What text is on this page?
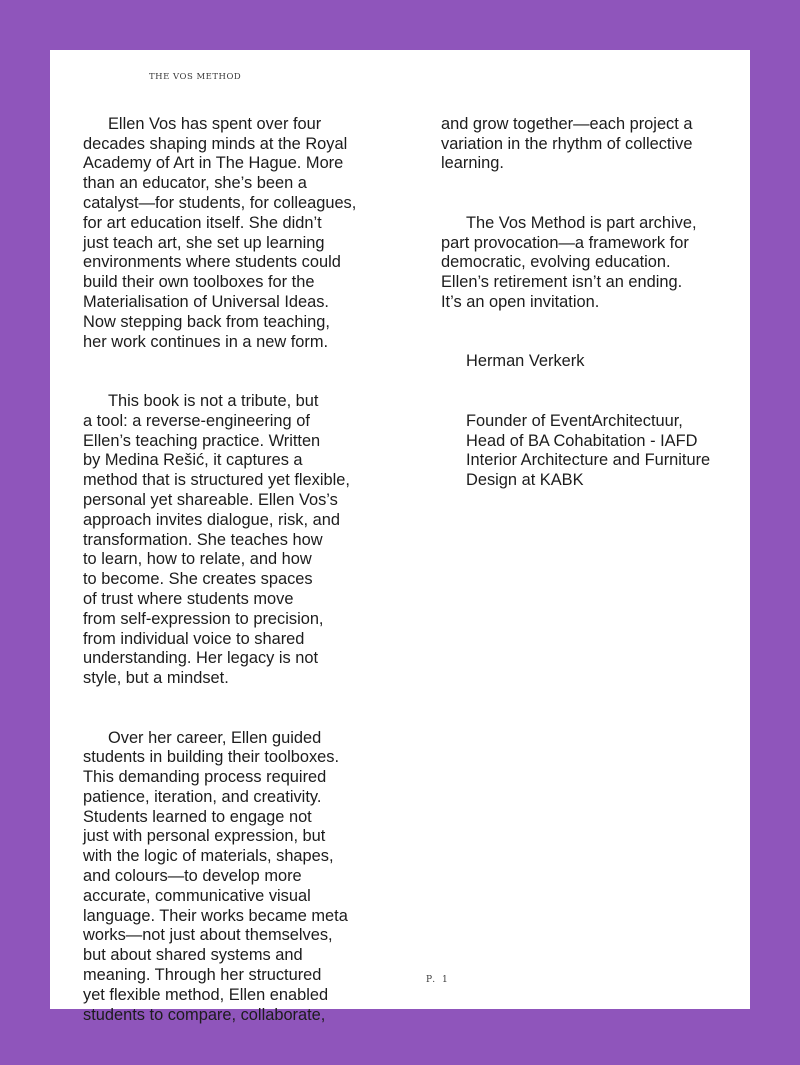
THE VOS METHOD

Ellen Vos has spent over four
decades shaping minds at the Royal
Academy of Art in The Hague. More
than an educator, she’s been a
catalyst—for students, for colleagues,
for art education itself. She didn’t
just teach art, she set up learning
environments where students could
build their own toolboxes for the
Materialisation of Universal Ideas.
Now stepping back from teaching,
her work continues in a new form.

This book is not a tribute, but
a tool: a reverse-engineering of
Ellen’s teaching practice. Written
by Medina Rešić, it captures a
method that is structured yet flexible,
personal yet shareable. Ellen Vos’s
approach invites dialogue, risk, and
transformation. She teaches how
to learn, how to relate, and how
to become. She creates spaces
of trust where students move
from self-expression to precision,
from individual voice to shared
understanding. Her legacy is not
style, but a mindset.

Over her career, Ellen guided
students in building their toolboxes.
This demanding process required
patience, iteration, and creativity.
Students learned to engage not
just with personal expression, but
with the logic of materials, shapes,
and colours—to develop more
accurate, communicative visual
language. Their works became meta
works—not just about themselves,
but about shared systems and
meaning. Through her structured
yet flexible method, Ellen enabled
students to compare, collaborate,

and grow together—each project a
variation in the rhythm of collective
learning.

The Vos Method is part archive,
part provocation—a framework for
democratic, evolving education.
Ellen’s retirement isn’t an ending.
It’s an open invitation.

Herman Verkerk

Founder of EventArchitectuur,
Head of BA Cohabitation - IAFD
Interior Architecture and Furniture
Design at KABK

P. 1
